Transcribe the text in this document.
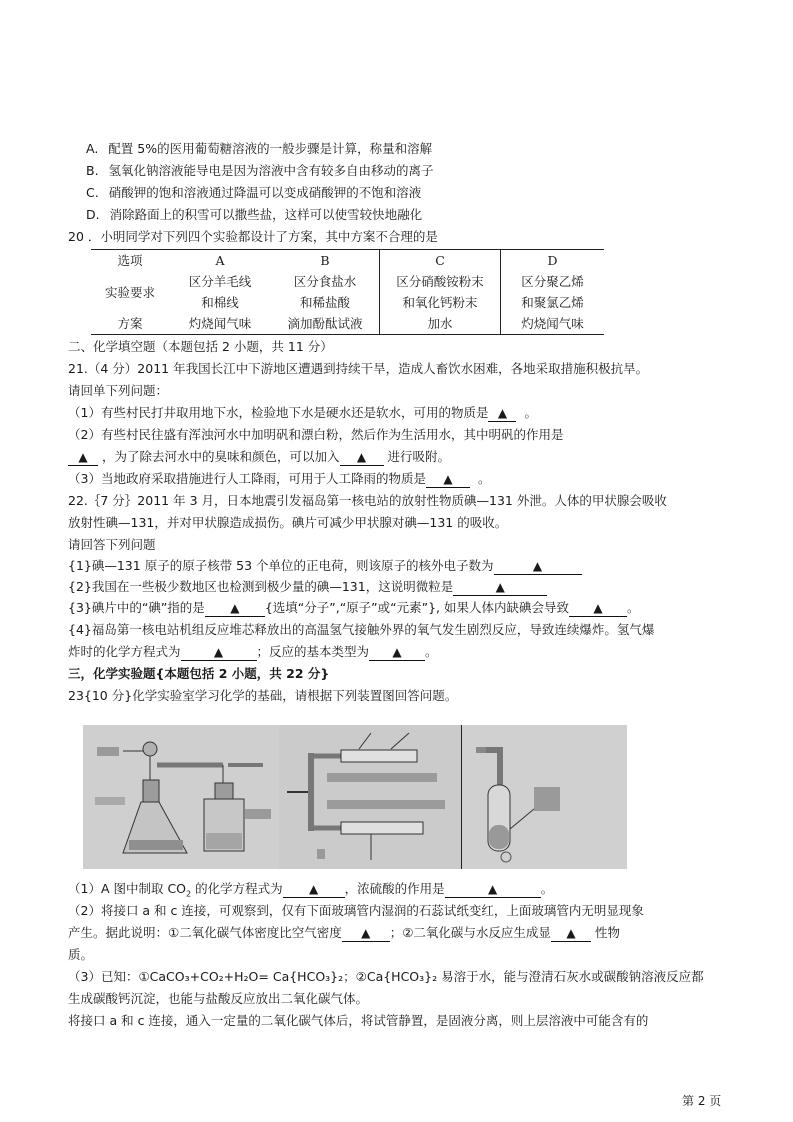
A. 配置 5%的医用葡萄糖溶液的一般步骤是计算，称量和溶解
B. 氢氧化钠溶液能导电是因为溶液中含有较多自由移动的离子
C. 硝酸钾的饱和溶液通过降温可以变成硝酸钾的不饱和溶液
D. 消除路面上的积雪可以撒些盐，这样可以使雪较快地融化
20 ．小明同学对下列四个实验都设计了方案，其中方案不合理的是
选项	A	B	C	D
实验要求	区分羊毛线	区分食盐水	区分硝酸铵粉末	区分聚乙烯
	和棉线	和稀盐酸	和氧化钙粉末	和聚氯乙烯
方案	灼烧闻气味	滴加酚酞试液	加水	灼烧闻气味
二、化学填空题（本题包括 2 小题，共 11 分）
21.（4 分）2011 年我国长江中下游地区遭遇到持续干旱，造成人畜饮水困难，各地采取措施积极抗旱。
请回单下列问题：
（1）有些村民打井取用地下水，检验地下水是硬水还是软水，可用的物质是 ▲ 。
（2）有些村民往盛有浑浊河水中加明矾和漂白粉，然后作为生活用水，其中明矾的作用是
▲ ，为了除去河水中的臭味和颜色，可以加入 ▲ 进行吸附。
（3）当地政府采取措施进行人工降雨，可用于人工降雨的物质是 ▲ 。
22.｛7 分｝2011 年 3 月，日本地震引发福岛第一核电站的放射性物质碘—131 外泄。人体的甲状腺会吸收
放射性碘—131，并对甲状腺造成损伤。碘片可减少甲状腺对碘—131 的吸收。
请回答下列问题
{1}碘—131 原子的原子核带 53 个单位的正电荷，则该原子的核外电子数为	▲
{2}我国在一些极少数地区也检测到极少量的碘—131，这说明微粒是	▲
{3}碘片中的“碘”指的是 ▲ {选填“分子”,“原子”或“元素”}, 如果人体内缺碘会导致 ▲ 。
{4}福岛第一核电站机组反应堆芯释放出的高温氢气接触外界的氧气发生剧烈反应，导致连续爆炸。氢气爆
炸时的化学方程式为	▲	；反应的基本类型为 ▲ 。
三，化学实验题{本题包括 2 小题，共 22 分}
23{10 分}化学实验室学习化学的基础，请根据下列装置图回答问题。
（1）A 图中制取 $CO_2$ 的化学方程式为 ▲ ，浓硫酸的作用是	▲	。
（2）将接口 a 和 c 连接，可观察到，仅有下面玻璃管内湿润的石蕊试纸变红，上面玻璃管内无明显现象
产生。据此说明：①二氧化碳气体密度比空气密度 ▲ ；②二氧化碳与水反应生成显 ▲ 性物
质。
（3）已知：①CaCO₃+CO₂+H₂O= Ca{HCO₃}₂；②Ca{HCO₃}₂ 易溶于水，能与澄清石灰水或碳酸钠溶液反应都
生成碳酸钙沉淀，也能与盐酸反应放出二氧化碳气体。
将接口 a 和 c 连接，通入一定量的二氧化碳气体后，将试管静置，是固液分离，则上层溶液中可能含有的
第 2 页
